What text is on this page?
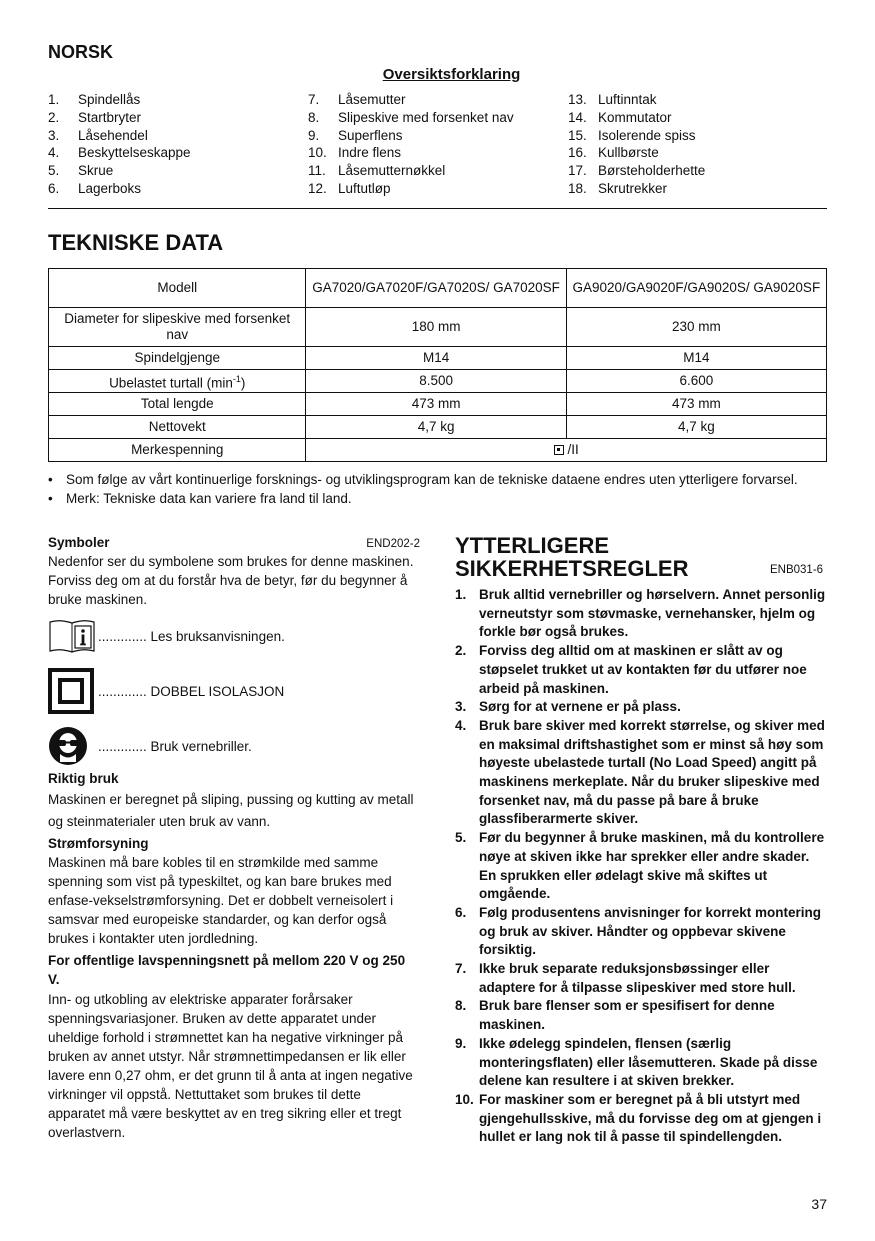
NORSK
Oversiktsforklaring
1.	Spindellås
2.	Startbryter
3.	Låsehendel
4.	Beskyttelseskappe
5.	Skrue
6.	Lagerboks
7.	Låsemutter
8.	Slipeskive med forsenket nav
9.	Superflens
10. Indre flens
11. Låsemutternøkkel
12. Luftutløp
13. Luftinntak
14. Kommutator
15. Isolerende spiss
16. Kullbørste
17. Børsteholderhette
18. Skrutrekker
TEKNISKE DATA
Modell	GA7020/GA7020F/GA7020S/ GA7020SF	GA9020/GA9020F/GA9020S/ GA9020SF
Diameter for slipeskive med forsenket nav	180 mm	230 mm
Spindelgjenge	M14	M14
Ubelastet turtall $(\min^{-1})$	8.500	6.600
Total lengde	473 mm	473 mm
Nettovekt	4,7 kg	4,7 kg
Merkespenning	/II	
• Som følge av vårt kontinuerlige forsknings- og utviklingsprogram kan de tekniske dataene endres uten ytterligere forvarsel.
• Merk: Tekniske data kan variere fra land til land.
Symboler	END202-2
Nedenfor ser du symbolene som brukes for denne maskinen. Forviss deg om at du forstår hva de betyr, før du begynner å bruke maskinen.
............. Les bruksanvisningen.
............. DOBBEL ISOLASJON
............. Bruk vernebriller.
Riktig bruk
Maskinen er beregnet på sliping, pussing og kutting av metall og steinmaterialer uten bruk av vann.
Strømforsyning
Maskinen må bare kobles til en strømkilde med samme spenning som vist på typeskiltet, og kan bare brukes med enfase-vekselstrømforsyning. Det er dobbelt verneisolert i samsvar med europeiske standarder, og kan derfor også brukes i kontakter uten jordledning.
For offentlige lavspenningsnett på mellom 220 V og 250 V.
Inn- og utkobling av elektriske apparater forårsaker spenningsvariasjoner. Bruken av dette apparatet under uheldige forhold i strømnettet kan ha negative virkninger på bruken av annet utstyr. Når strømnettimpedansen er lik eller lavere enn 0,27 ohm, er det grunn til å anta at ingen negative virkninger vil oppstå. Nettuttaket som brukes til dette apparatet må være beskyttet av en treg sikring eller et tregt overlastvern.
YTTERLIGERE
SIKKERHETSREGLER	ENB031-6
1. Bruk alltid vernebriller og hørselvern. Annet personlig verneutstyr som støvmaske, vernehansker, hjelm og forkle bør også brukes.
2. Forviss deg alltid om at maskinen er slått av og støpselet trukket ut av kontakten før du utfører noe arbeid på maskinen.
3. Sørg for at vernene er på plass.
4. Bruk bare skiver med korrekt størrelse, og skiver med en maksimal driftshastighet som er minst så høy som høyeste ubelastede turtall (No Load Speed) angitt på maskinens merkeplate. Når du bruker slipeskive med forsenket nav, må du passe på bare å bruke glassfiberarmerte skiver.
5. Før du begynner å bruke maskinen, må du kontrollere nøye at skiven ikke har sprekker eller andre skader. En sprukken eller ødelagt skive må skiftes ut omgående.
6. Følg produsentens anvisninger for korrekt montering og bruk av skiver. Håndter og oppbevar skivene forsiktig.
7. Ikke bruk separate reduksjonsbøssinger eller adaptere for å tilpasse slipeskiver med store hull.
8. Bruk bare flenser som er spesifisert for denne maskinen.
9. Ikke ødelegg spindelen, flensen (særlig monteringsflaten) eller låsemutteren. Skade på disse delene kan resultere i at skiven brekker.
10. For maskiner som er beregnet på å bli utstyrt med gjengehullsskive, må du forvisse deg om at gjengen i hullet er lang nok til å passe til spindellengden.
37
